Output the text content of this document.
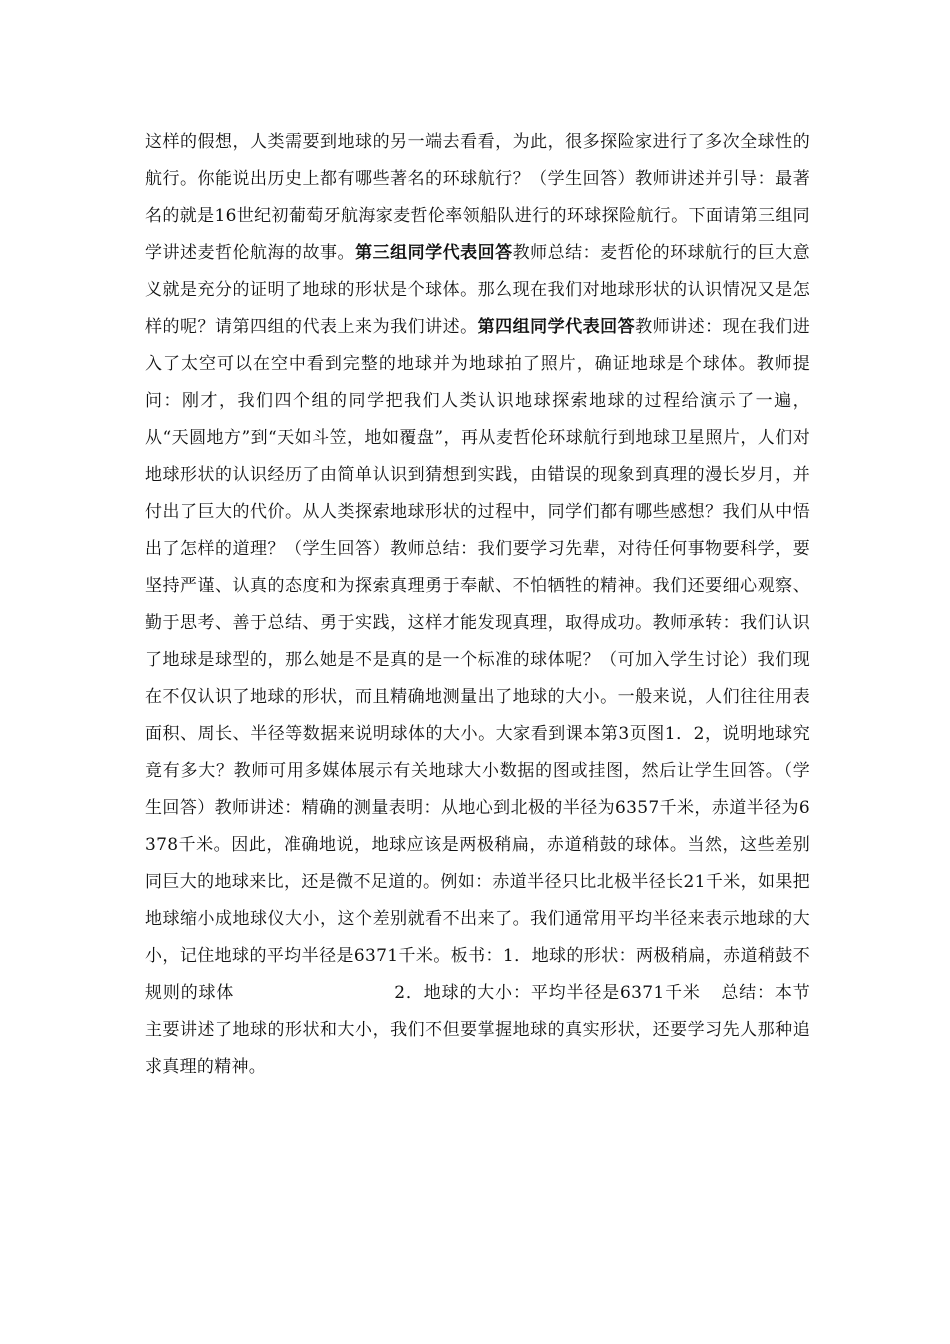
这样的假想，人类需要到地球的另一端去看看，为此，很多探险家进行了多次全球性的航行。你能说出历史上都有哪些著名的环球航行？（学生回答）教师讲述并引导：最著名的就是16世纪初葡萄牙航海家麦哲伦率领船队进行的环球探险航行。下面请第三组同学讲述麦哲伦航海的故事。第三组同学代表回答教师总结：麦哲伦的环球航行的巨大意义就是充分的证明了地球的形状是个球体。那么现在我们对地球形状的认识情况又是怎样的呢？请第四组的代表上来为我们讲述。第四组同学代表回答教师讲述：现在我们进入了太空可以在空中看到完整的地球并为地球拍了照片，确证地球是个球体。教师提问：刚才，我们四个组的同学把我们人类认识地球探索地球的过程给演示了一遍，从“天圆地方”到“天如斗笠，地如覆盘”，再从麦哲伦环球航行到地球卫星照片，人们对地球形状的认识经历了由简单认识到猜想到实践，由错误的现象到真理的漫长岁月，并付出了巨大的代价。从人类探索地球形状的过程中，同学们都有哪些感想？我们从中悟出了怎样的道理？（学生回答）教师总结：我们要学习先辈，对待任何事物要科学，要坚持严谨、认真的态度和为探索真理勇于奉献、不怕牺牲的精神。我们还要细心观察、勤于思考、善于总结、勇于实践，这样才能发现真理，取得成功。教师承转：我们认识了地球是球型的，那么她是不是真的是一个标准的球体呢？（可加入学生讨论）我们现在不仅认识了地球的形状，而且精确地测量出了地球的大小。一般来说，人们往往用表面积、周长、半径等数据来说明球体的大小。大家看到课本第3页图1．2，说明地球究竟有多大？教师可用多媒体展示有关地球大小数据的图或挂图，然后让学生回答。（学生回答）教师讲述：精确的测量表明：从地心到北极的半径为6357千米，赤道半径为6378千米。因此，准确地说，地球应该是两极稍扁，赤道稍鼓的球体。当然，这些差别同巨大的地球来比，还是微不足道的。例如：赤道半径只比北极半径长21千米，如果把地球缩小成地球仪大小，这个差别就看不出来了。我们通常用平均半径来表示地球的大小，记住地球的平均半径是6371千米。板书：1．地球的形状：两极稍扁，赤道稍鼓不规则的球体	2．地球的大小：平均半径是6371千米 总结：本节主要讲述了地球的形状和大小，我们不但要掌握地球的真实形状，还要学习先人那种追求真理的精神。
